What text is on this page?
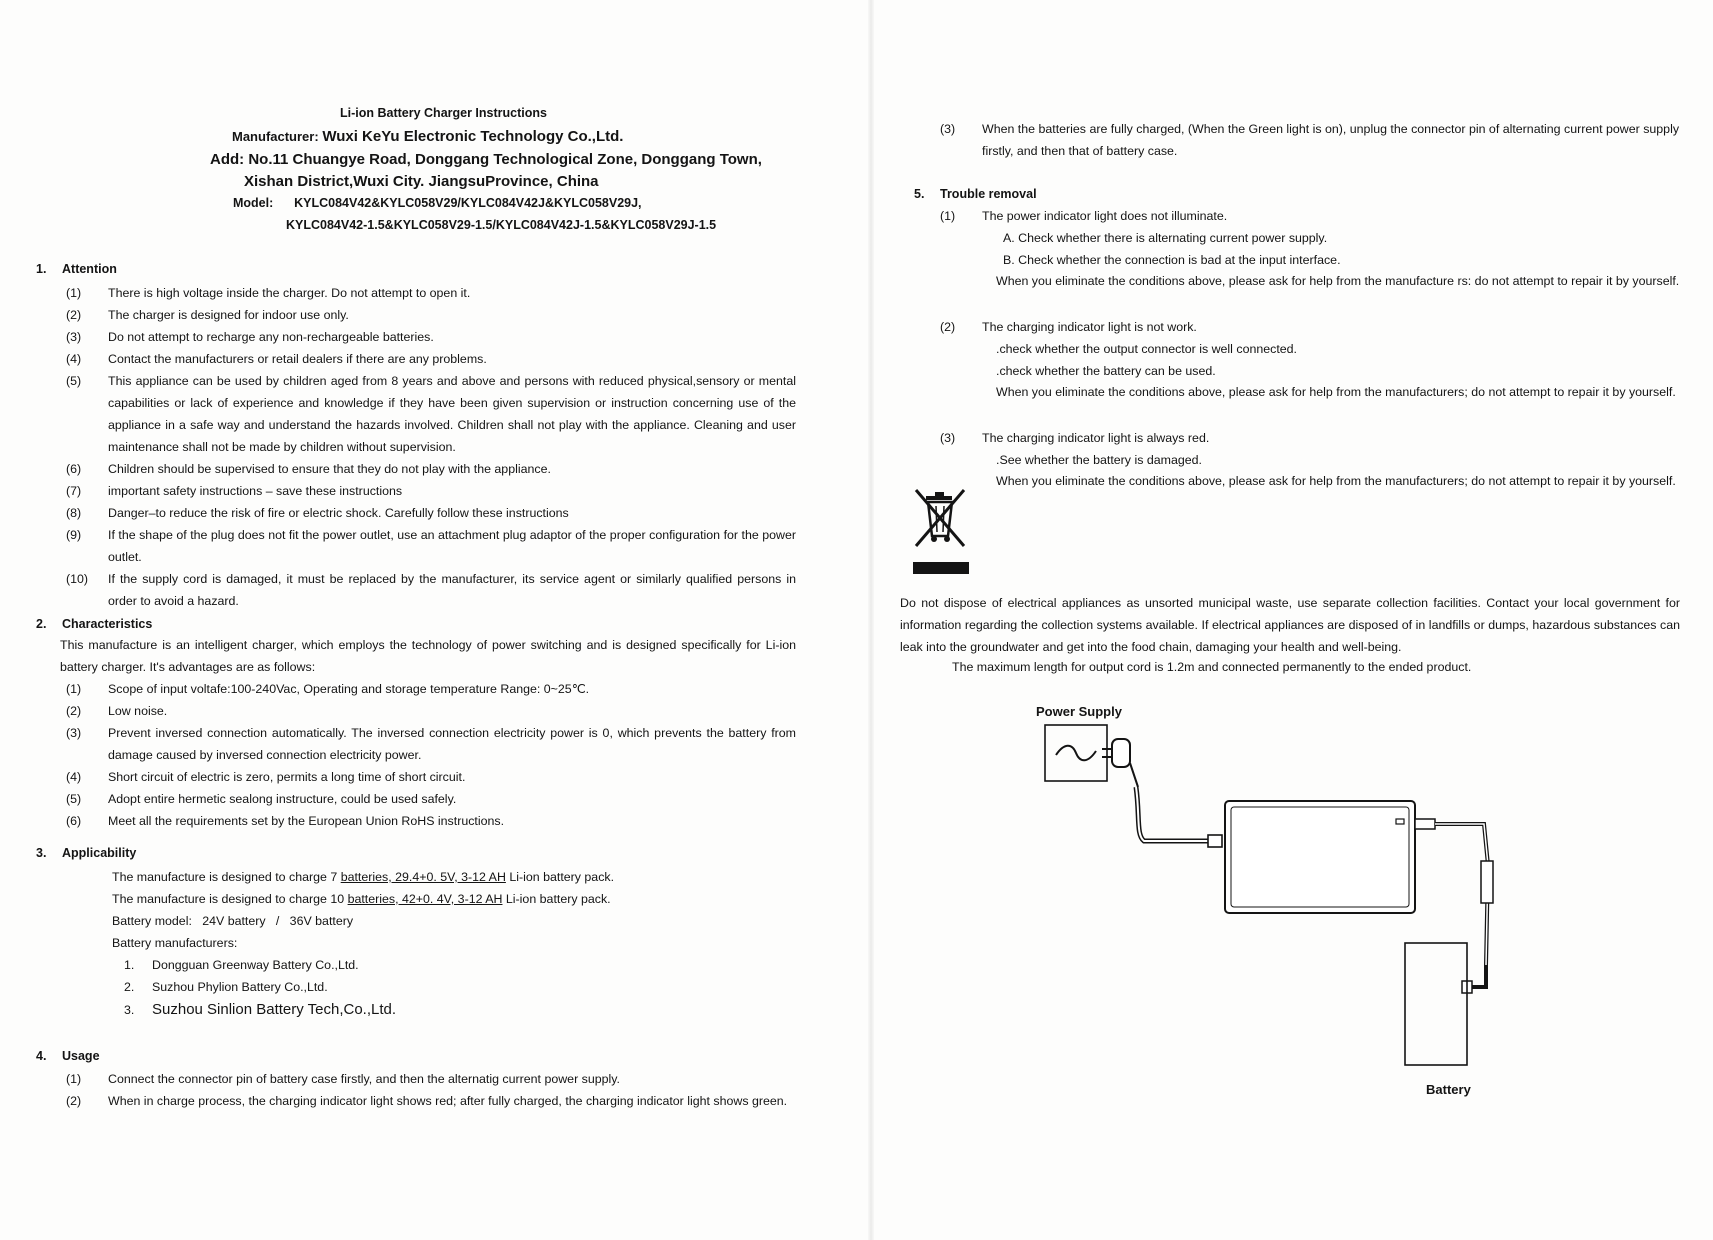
Li-ion Battery Charger Instructions
Manufacturer: Wuxi KeYu Electronic Technology Co.,Ltd.
Add: No.11 Chuangye Road, Donggang Technological Zone, Donggang Town,
Xishan District,Wuxi City. JiangsuProvince, China
Model: KYLC084V42&KYLC058V29/KYLC084V42J&KYLC058V29J,
KYLC084V42-1.5&KYLC058V29-1.5/KYLC084V42J-1.5&KYLC058V29J-1.5
1. Attention
(1) There is high voltage inside the charger. Do not attempt to open it.
(2) The charger is designed for indoor use only.
(3) Do not attempt to recharge any non-rechargeable batteries.
(4) Contact the manufacturers or retail dealers if there are any problems.
(5) This appliance can be used by children aged from 8 years and above and persons with reduced physical,sensory or mental capabilities or lack of experience and knowledge if they have been given supervision or instruction concerning use of the appliance in a safe way and understand the hazards involved. Children shall not play with the appliance. Cleaning and user maintenance shall not be made by children without supervision.
(6) Children should be supervised to ensure that they do not play with the appliance.
(7) important safety instructions – save these instructions
(8) Danger–to reduce the risk of fire or electric shock. Carefully follow these instructions
(9) If the shape of the plug does not fit the power outlet, use an attachment plug adaptor of the proper configuration for the power outlet.
(10) If the supply cord is damaged, it must be replaced by the manufacturer, its service agent or similarly qualified persons in order to avoid a hazard.
2. Characteristics
This manufacture is an intelligent charger, which employs the technology of power switching and is designed specifically for Li-ion battery charger. It's advantages are as follows:
(1) Scope of input voltafe:100-240Vac, Operating and storage temperature Range: 0~25℃.
(2) Low noise.
(3) Prevent inversed connection automatically. The inversed connection electricity power is 0, which prevents the battery from damage caused by inversed connection electricity power.
(4) Short circuit of electric is zero, permits a long time of short circuit.
(5) Adopt entire hermetic sealong instructure, could be used safely.
(6) Meet all the requirements set by the European Union RoHS instructions.
3. Applicability
The manufacture is designed to charge 7 batteries, 29.4+0. 5V, 3-12 AH Li-ion battery pack.
The manufacture is designed to charge 10 batteries, 42+0. 4V, 3-12 AH Li-ion battery pack.
Battery model:   24V battery   /   36V battery
Battery manufacturers:
1. Dongguan Greenway Battery Co.,Ltd.
2. Suzhou Phylion Battery Co.,Ltd.
3. Suzhou Sinlion Battery Tech,Co.,Ltd.
4. Usage
(1) Connect the connector pin of battery case firstly, and then the alternatig current power supply.
(2) When in charge process, the charging indicator light shows red; after fully charged, the charging indicator light shows green.
(3) When the batteries are fully charged, (When the Green light is on), unplug the connector pin of alternating current power supply firstly, and then that of battery case.
5. Trouble removal
(1) The power indicator light does not illuminate.
A. Check whether there is alternating current power supply.
B. Check whether the connection is bad at the input interface.
When you eliminate the conditions above, please ask for help from the manufacture rs: do not attempt to repair it by yourself.
(2) The charging indicator light is not work.
.check whether the output connector is well connected.
.check whether the battery can be used.
When you eliminate the conditions above, please ask for help from the manufacturers; do not attempt to repair it by yourself.
(3) The charging indicator light is always red.
.See whether the battery is damaged.
When you eliminate the conditions above, please ask for help from the manufacturers; do not attempt to repair it by yourself.
Do not dispose of electrical appliances as unsorted municipal waste, use separate collection facilities. Contact your local government for information regarding the collection systems available. If electrical appliances are disposed of in landfills or dumps, hazardous substances can leak into the groundwater and get into the food chain, damaging your health and well-being.
The maximum length for output cord is 1.2m and connected permanently to the ended product.
Power Supply
Battery
